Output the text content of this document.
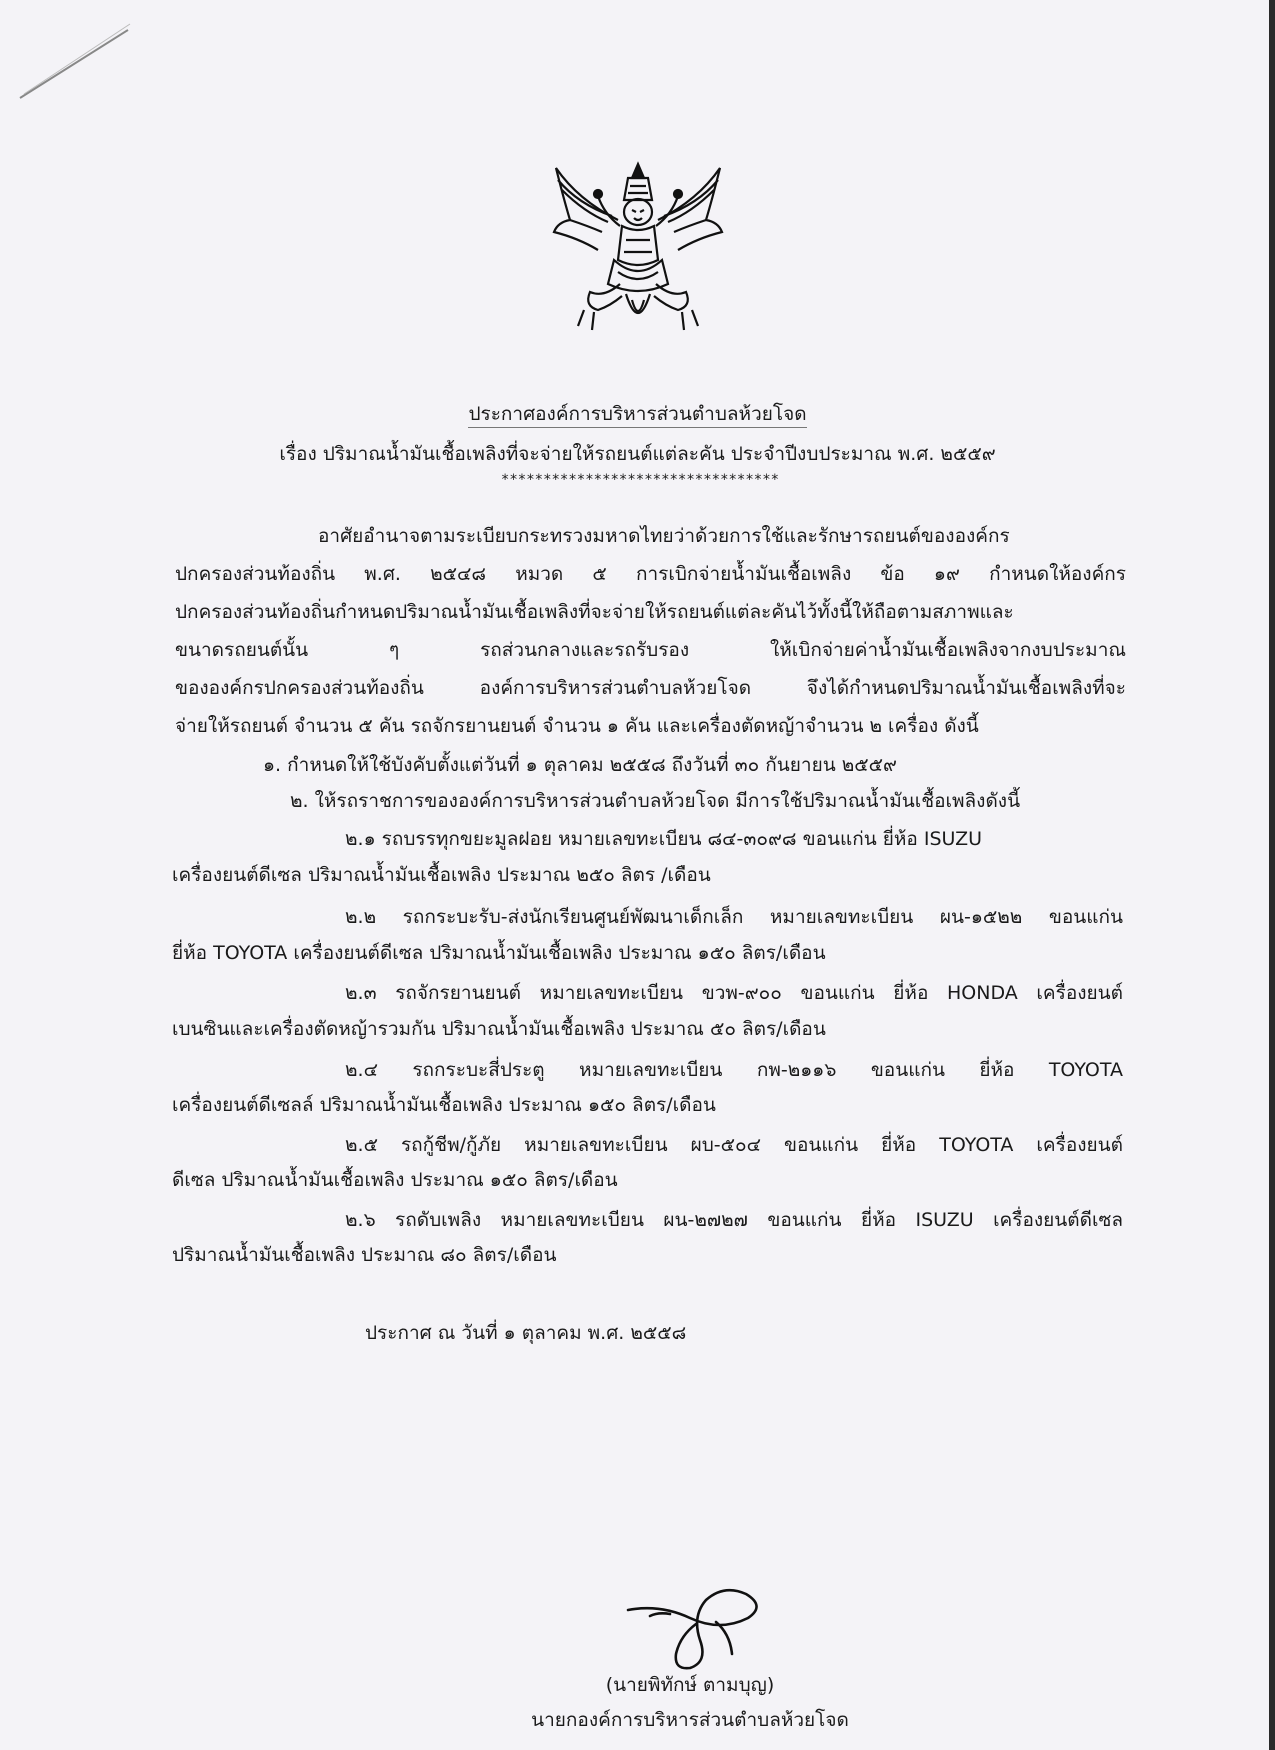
ประกาศองค์การบริหารส่วนตำบลห้วยโจด
เรื่อง ปริมาณน้ำมันเชื้อเพลิงที่จะจ่ายให้รถยนต์แต่ละคัน ประจำปีงบประมาณ พ.ศ. ๒๕๕๙
*********************************
อาศัยอำนาจตามระเบียบกระทรวงมหาดไทยว่าด้วยการใช้และรักษารถยนต์ขององค์กร
ปกครองส่วนท้องถิ่น พ.ศ. ๒๕๔๘ หมวด ๕ การเบิกจ่ายน้ำมันเชื้อเพลิง ข้อ ๑๙ กำหนดให้องค์กร
ปกครองส่วนท้องถิ่นกำหนดปริมาณน้ำมันเชื้อเพลิงที่จะจ่ายให้รถยนต์แต่ละคันไว้ทั้งนี้ให้ถือตามสภาพและ
ขนาดรถยนต์นั้น ๆ รถส่วนกลางและรถรับรอง ให้เบิกจ่ายค่าน้ำมันเชื้อเพลิงจากงบประมาณ
ขององค์กรปกครองส่วนท้องถิ่น องค์การบริหารส่วนตำบลห้วยโจด จึงได้กำหนดปริมาณน้ำมันเชื้อเพลิงที่จะ
จ่ายให้รถยนต์ จำนวน ๕ คัน รถจักรยานยนต์ จำนวน ๑ คัน และเครื่องตัดหญ้าจำนวน ๒ เครื่อง ดังนี้
๑. กำหนดให้ใช้บังคับตั้งแต่วันที่ ๑ ตุลาคม ๒๕๕๘ ถึงวันที่ ๓๐ กันยายน ๒๕๕๙
๒. ให้รถราชการขององค์การบริหารส่วนตำบลห้วยโจด มีการใช้ปริมาณน้ำมันเชื้อเพลิงดังนี้
๒.๑ รถบรรทุกขยะมูลฝอย หมายเลขทะเบียน ๘๔-๓๐๙๘ ขอนแก่น ยี่ห้อ ISUZU
เครื่องยนต์ดีเซล ปริมาณน้ำมันเชื้อเพลิง ประมาณ ๒๕๐ ลิตร /เดือน
๒.๒ รถกระบะรับ-ส่งนักเรียนศูนย์พัฒนาเด็กเล็ก หมายเลขทะเบียน ผน-๑๕๒๒ ขอนแก่น
ยี่ห้อ TOYOTA เครื่องยนต์ดีเซล ปริมาณน้ำมันเชื้อเพลิง ประมาณ ๑๕๐ ลิตร/เดือน
๒.๓ รถจักรยานยนต์ หมายเลขทะเบียน ขวพ-๙๐๐ ขอนแก่น ยี่ห้อ HONDA เครื่องยนต์
เบนซินและเครื่องตัดหญ้ารวมกัน ปริมาณน้ำมันเชื้อเพลิง ประมาณ ๕๐ ลิตร/เดือน
๒.๔ รถกระบะสี่ประตู หมายเลขทะเบียน กพ-๒๑๑๖ ขอนแก่น ยี่ห้อ TOYOTA
เครื่องยนต์ดีเซลล์ ปริมาณน้ำมันเชื้อเพลิง ประมาณ ๑๕๐ ลิตร/เดือน
๒.๕ รถกู้ชีพ/กู้ภัย หมายเลขทะเบียน ผบ-๕๐๔ ขอนแก่น ยี่ห้อ TOYOTA เครื่องยนต์
ดีเซล ปริมาณน้ำมันเชื้อเพลิง ประมาณ ๑๕๐ ลิตร/เดือน
๒.๖ รถดับเพลิง หมายเลขทะเบียน ผน-๒๗๒๗ ขอนแก่น ยี่ห้อ ISUZU เครื่องยนต์ดีเซล
ปริมาณน้ำมันเชื้อเพลิง ประมาณ ๘๐ ลิตร/เดือน
ประกาศ ณ วันที่ ๑ ตุลาคม พ.ศ. ๒๕๕๘
(นายพิทักษ์ ตามบุญ)
นายกองค์การบริหารส่วนตำบลห้วยโจด
